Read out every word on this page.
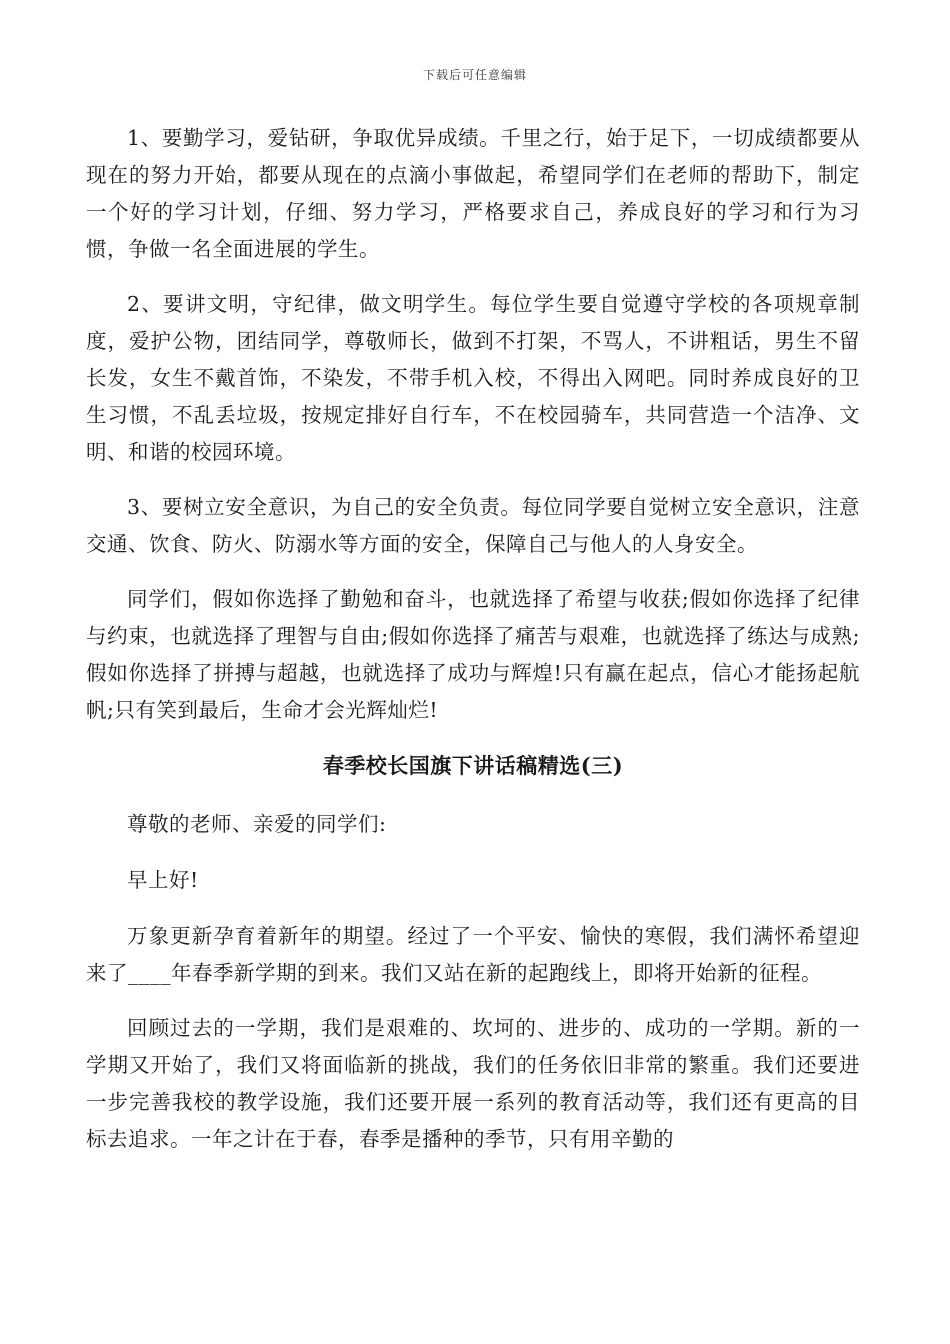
下载后可任意编辑

1、要勤学习，爱钻研，争取优异成绩。千里之行，始于足下，一切成绩都要从现在的努力开始，都要从现在的点滴小事做起，希望同学们在老师的帮助下，制定一个好的学习计划，仔细、努力学习，严格要求自己，养成良好的学习和行为习惯，争做一名全面进展的学生。

2、要讲文明，守纪律，做文明学生。每位学生要自觉遵守学校的各项规章制度，爱护公物，团结同学，尊敬师长，做到不打架，不骂人，不讲粗话，男生不留长发，女生不戴首饰，不染发，不带手机入校，不得出入网吧。同时养成良好的卫生习惯，不乱丢垃圾，按规定排好自行车，不在校园骑车，共同营造一个洁净、文明、和谐的校园环境。

3、要树立安全意识，为自己的安全负责。每位同学要自觉树立安全意识，注意交通、饮食、防火、防溺水等方面的安全，保障自己与他人的人身安全。

同学们，假如你选择了勤勉和奋斗，也就选择了希望与收获;假如你选择了纪律与约束，也就选择了理智与自由;假如你选择了痛苦与艰难，也就选择了练达与成熟;假如你选择了拼搏与超越，也就选择了成功与辉煌!只有赢在起点，信心才能扬起航帆;只有笑到最后，生命才会光辉灿烂!

春季校长国旗下讲话稿精选(三)

尊敬的老师、亲爱的同学们:

早上好!

万象更新孕育着新年的期望。经过了一个平安、愉快的寒假，我们满怀希望迎来了____年春季新学期的到来。我们又站在新的起跑线上，即将开始新的征程。

回顾过去的一学期，我们是艰难的、坎坷的、进步的、成功的一学期。新的一学期又开始了，我们又将面临新的挑战，我们的任务依旧非常的繁重。我们还要进一步完善我校的教学设施，我们还要开展一系列的教育活动等，我们还有更高的目标去追求。一年之计在于春，春季是播种的季节，只有用辛勤的
